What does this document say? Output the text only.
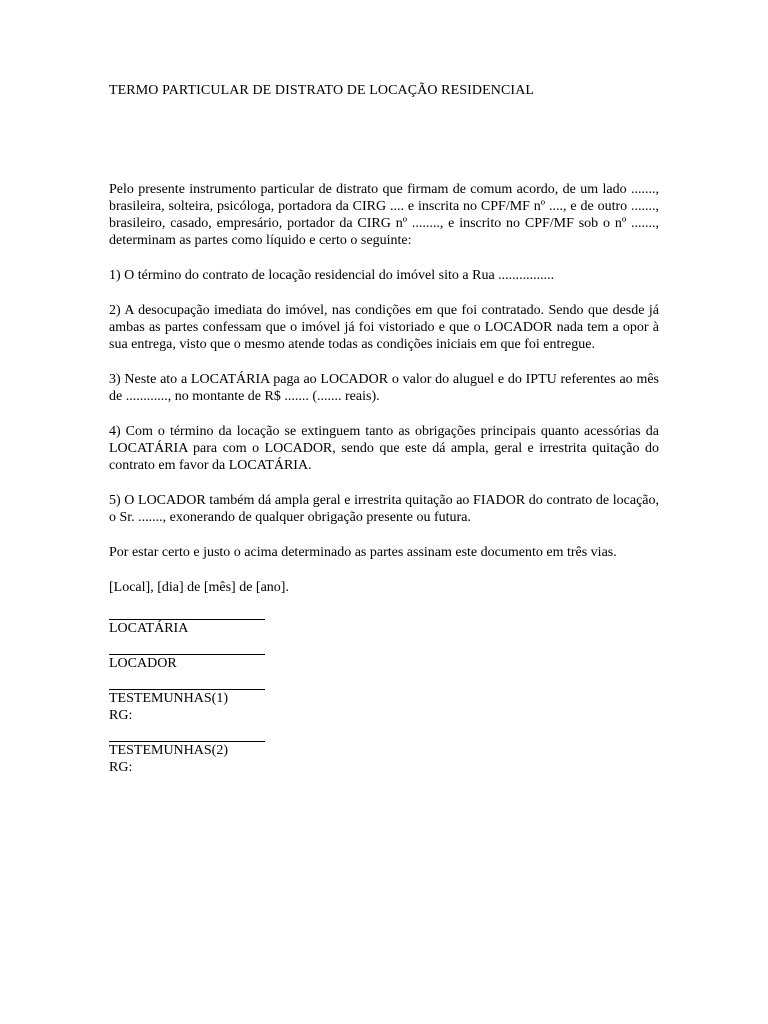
TERMO PARTICULAR DE DISTRATO DE LOCAÇÃO RESIDENCIAL

Pelo presente instrumento particular de distrato que firmam de comum acordo, de um lado ......., brasileira, solteira, psicóloga, portadora da CIRG .... e inscrita no CPF/MF nº ...., e de outro ......., brasileiro, casado, empresário, portador da CIRG nº ........, e inscrito no CPF/MF sob o nº ......., determinam as partes como líquido e certo o seguinte:

1) O término do contrato de locação residencial do imóvel sito a Rua ................

2) A desocupação imediata do imóvel, nas condições em que foi contratado. Sendo que desde já ambas as partes confessam que o imóvel já foi vistoriado e que o LOCADOR nada tem a opor à sua entrega, visto que o mesmo atende todas as condições iniciais em que foi entregue.

3) Neste ato a LOCATÁRIA paga ao LOCADOR o valor do aluguel e do IPTU referentes ao mês de ............, no montante de R$ ....... (....... reais).

4) Com o término da locação se extinguem tanto as obrigações principais quanto acessórias da LOCATÁRIA para com o LOCADOR, sendo que este dá ampla, geral e irrestrita quitação do contrato em favor da LOCATÁRIA.

5) O LOCADOR também dá ampla geral e irrestrita quitação ao FIADOR do contrato de locação, o Sr. ......., exonerando de qualquer obrigação presente ou futura.

Por estar certo e justo o acima determinado as partes assinam este documento em três vias.

[Local], [dia] de [mês] de [ano].

LOCATÁRIA

LOCADOR

TESTEMUNHAS(1)

RG:

TESTEMUNHAS(2)

RG:
